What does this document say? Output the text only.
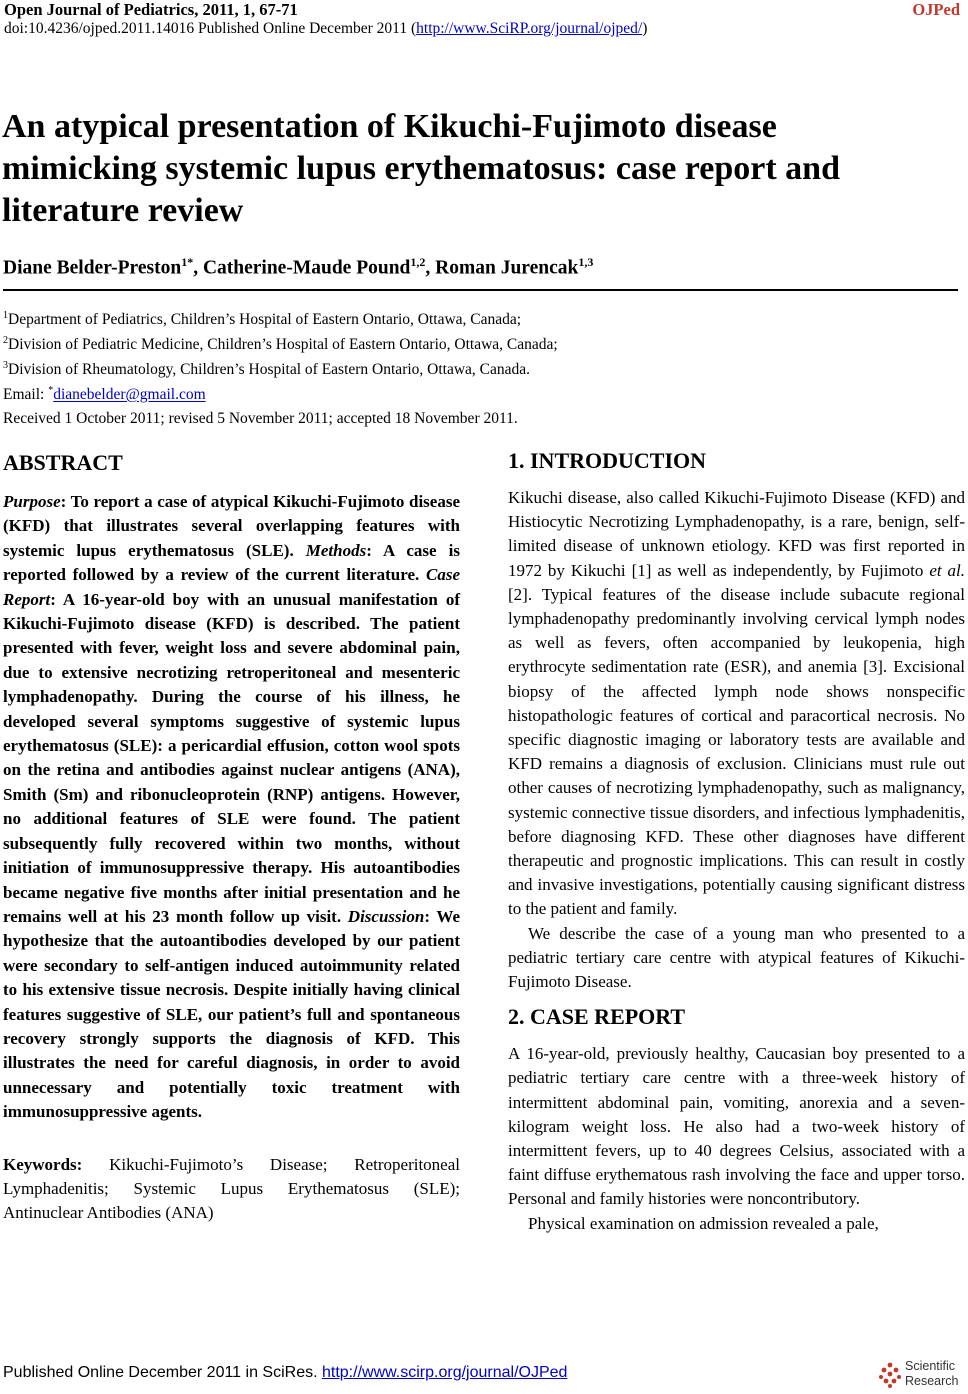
Open Journal of Pediatrics, 2011, 1, 67-71	OJPed
doi:10.4236/ojped.2011.14016 Published Online December 2011 (http://www.SciRP.org/journal/ojped/)
An atypical presentation of Kikuchi-Fujimoto disease mimicking systemic lupus erythematosus: case report and literature review
Diane Belder-Preston$^{1*}$, Catherine-Maude Pound$^{1,2}$, Roman Jurencak$^{1,3}$
$^1$Department of Pediatrics, Children’s Hospital of Eastern Ontario, Ottawa, Canada;
$^2$Division of Pediatric Medicine, Children’s Hospital of Eastern Ontario, Ottawa, Canada;
$^3$Division of Rheumatology, Children’s Hospital of Eastern Ontario, Ottawa, Canada.
Email: *dianebelder@gmail.com
Received 1 October 2011; revised 5 November 2011; accepted 18 November 2011.
ABSTRACT

Purpose: To report a case of atypical Kikuchi-Fujimoto disease (KFD) that illustrates several overlapping features with systemic lupus erythematosus (SLE). Methods: A case is reported followed by a review of the current literature. Case Report: A 16-year-old boy with an unusual manifestation of Kikuchi-Fujimoto disease (KFD) is described. The patient presented with fever, weight loss and severe abdominal pain, due to extensive necrotizing retroperitoneal and mesenteric lymphadenopathy. During the course of his illness, he developed several symptoms suggestive of systemic lupus erythematosus (SLE): a pericardial effusion, cotton wool spots on the retina and antibodies against nuclear antigens (ANA), Smith (Sm) and ribonucleoprotein (RNP) antigens. However, no additional features of SLE were found. The patient subsequently fully recovered within two months, without initiation of immunosuppressive therapy. His autoantibodies became negative five months after initial presentation and he remains well at his 23 month follow up visit. Discussion: We hypothesize that the autoantibodies developed by our patient were secondary to self-antigen induced autoimmunity related to his extensive tissue necrosis. Despite initially having clinical features suggestive of SLE, our patient’s full and spontaneous recovery strongly supports the diagnosis of KFD. This illustrates the need for careful diagnosis, in order to avoid unnecessary and potentially toxic treatment with immunosuppressive agents.

Keywords: Kikuchi-Fujimoto’s Disease; Retroperitoneal Lymphadenitis; Systemic Lupus Erythematosus (SLE); Antinuclear Antibodies (ANA)

1. INTRODUCTION

Kikuchi disease, also called Kikuchi-Fujimoto Disease (KFD) and Histiocytic Necrotizing Lymphadenopathy, is a rare, benign, self-limited disease of unknown etiology. KFD was first reported in 1972 by Kikuchi [1] as well as independently, by Fujimoto et al. [2]. Typical features of the disease include subacute regional lymphadenopathy predominantly involving cervical lymph nodes as well as fevers, often accompanied by leukopenia, high erythrocyte sedimentation rate (ESR), and anemia [3]. Excisional biopsy of the affected lymph node shows nonspecific histopathologic features of cortical and paracortical necrosis. No specific diagnostic imaging or laboratory tests are available and KFD remains a diagnosis of exclusion. Clinicians must rule out other causes of necrotizing lymphadenopathy, such as malignancy, systemic connective tissue disorders, and infectious lymphadenitis, before diagnosing KFD. These other diagnoses have different therapeutic and prognostic implications. This can result in costly and invasive investigations, potentially causing significant distress to the patient and family.

We describe the case of a young man who presented to a pediatric tertiary care centre with atypical features of Kikuchi-Fujimoto Disease.

2. CASE REPORT

A 16-year-old, previously healthy, Caucasian boy presented to a pediatric tertiary care centre with a three-week history of intermittent abdominal pain, vomiting, anorexia and a seven-kilogram weight loss. He also had a two-week history of intermittent fevers, up to 40 degrees Celsius, associated with a faint diffuse erythematous rash involving the face and upper torso. Personal and family histories were noncontributory.

Physical examination on admission revealed a pale,

Published Online December 2011 in SciRes. http://www.scirp.org/journal/OJPed	Scientific
Research
